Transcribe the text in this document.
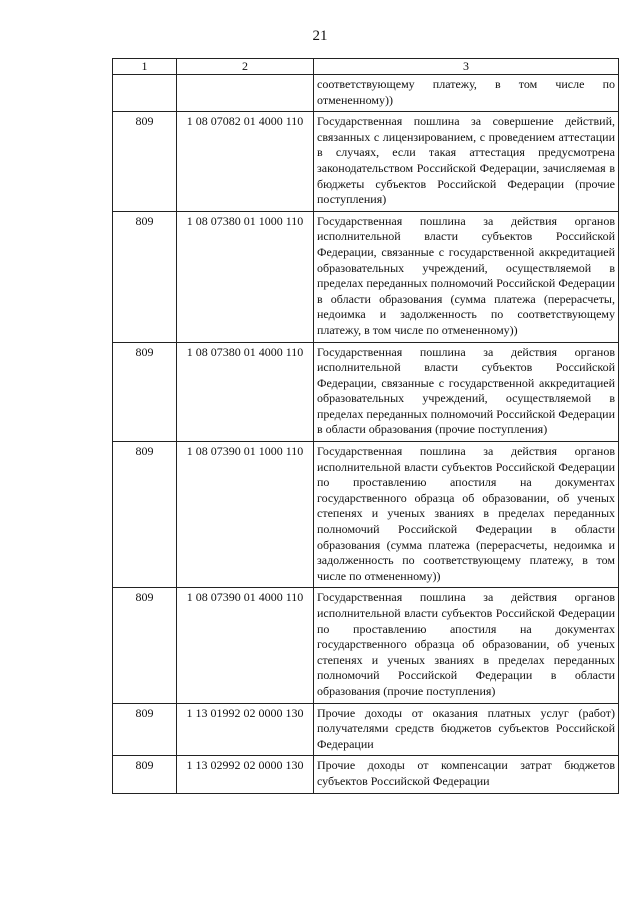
21
1	2	3
		соответствующему платежу, в том числе по отмененному))
809	1 08 07082 01 4000 110	Государственная пошлина за совершение действий, связанных с лицензированием, с проведением аттестации в случаях, если такая аттестация предусмотрена законодательством Российской Федерации, зачисляемая в бюджеты субъектов Российской Федерации (прочие поступления)
809	1 08 07380 01 1000 110	Государственная пошлина за действия органов исполнительной власти субъектов Российской Федерации, связанные с государственной аккредитацией образовательных учреждений, осуществляемой в пределах переданных полномочий Российской Федерации в области образования (сумма платежа (перерасчеты, недоимка и задолженность по соответствующему платежу, в том числе по отмененному))
809	1 08 07380 01 4000 110	Государственная пошлина за действия органов исполнительной власти субъектов Российской Федерации, связанные с государственной аккредитацией образовательных учреждений, осуществляемой в пределах переданных полномочий Российской Федерации в области образования (прочие поступления)
809	1 08 07390 01 1000 110	Государственная пошлина за действия органов исполнительной власти субъектов Российской Федерации по проставлению апостиля на документах государственного образца об образовании, об ученых степенях и ученых званиях в пределах переданных полномочий Российской Федерации в области образования (сумма платежа (перерасчеты, недоимка и задолженность по соответствующему платежу, в том числе по отмененному))
809	1 08 07390 01 4000 110	Государственная пошлина за действия органов исполнительной власти субъектов Российской Федерации по проставлению апостиля на документах государственного образца об образовании, об ученых степенях и ученых званиях в пределах переданных полномочий Российской Федерации в области образования (прочие поступления)
809	1 13 01992 02 0000 130	Прочие доходы от оказания платных услуг (работ) получателями средств бюджетов субъектов Российской Федерации
809	1 13 02992 02 0000 130	Прочие доходы от компенсации затрат бюджетов субъектов Российской Федерации
